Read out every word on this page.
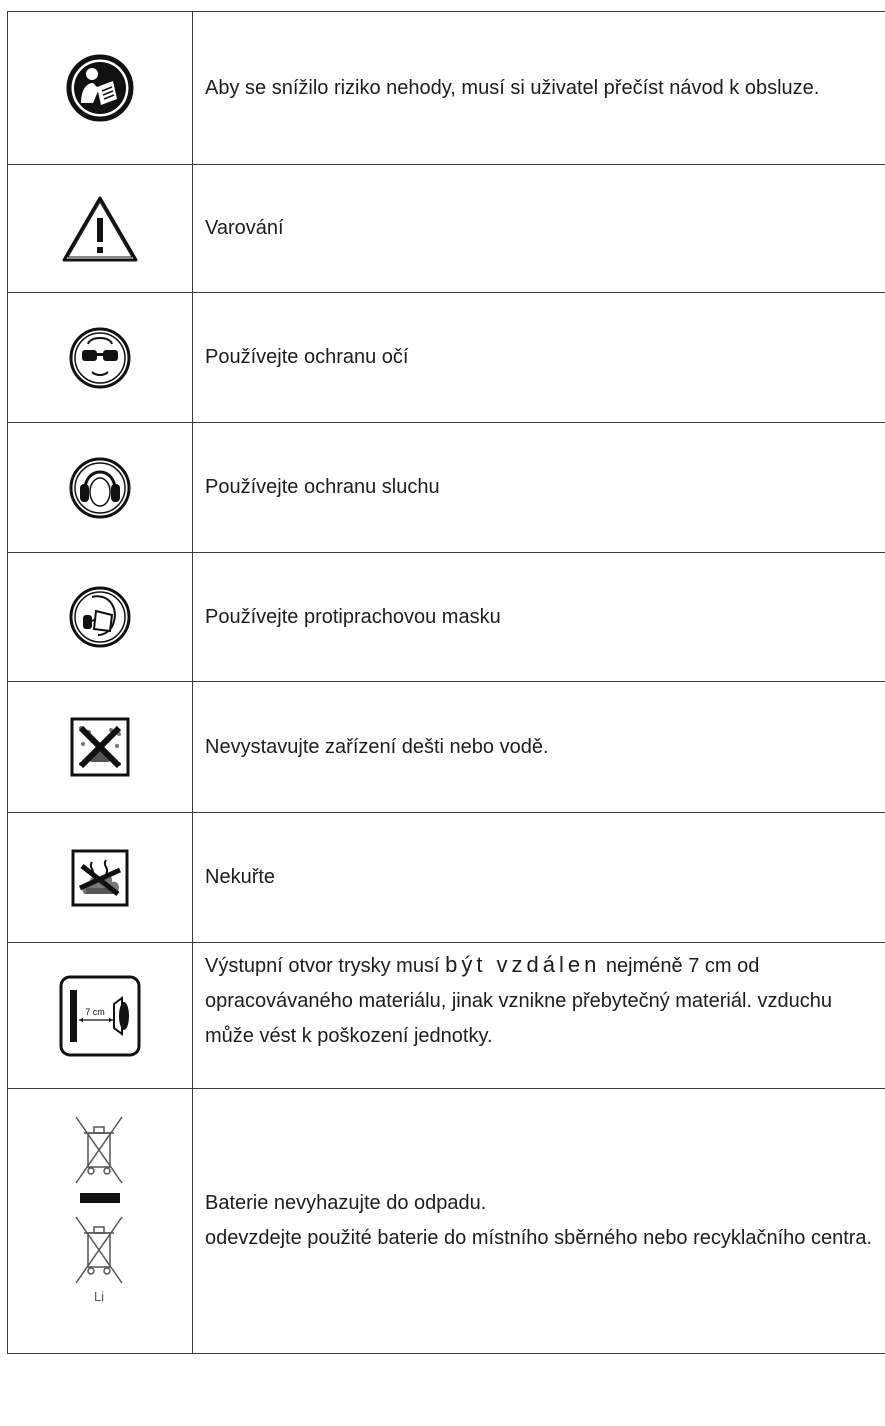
	Aby se snížilo riziko nehody, musí si uživatel přečíst návod k obsluze.

	Varování

	Používejte ochranu očí

	Používejte ochranu sluchu

	Používejte protiprachovou masku

	Nevystavujte zařízení dešti nebo vodě.

	Nekuřte

7 cm	Výstupní otvor trysky musí být vzdálen nejméně 7 cm od opracovávaného materiálu, jinak vznikne přebytečný materiál. vzduchu může vést k poškození jednotky.

Li	Baterie nevyhazujte do odpadu.
odevzdejte použité baterie do místního sběrného nebo recyklačního centra.
